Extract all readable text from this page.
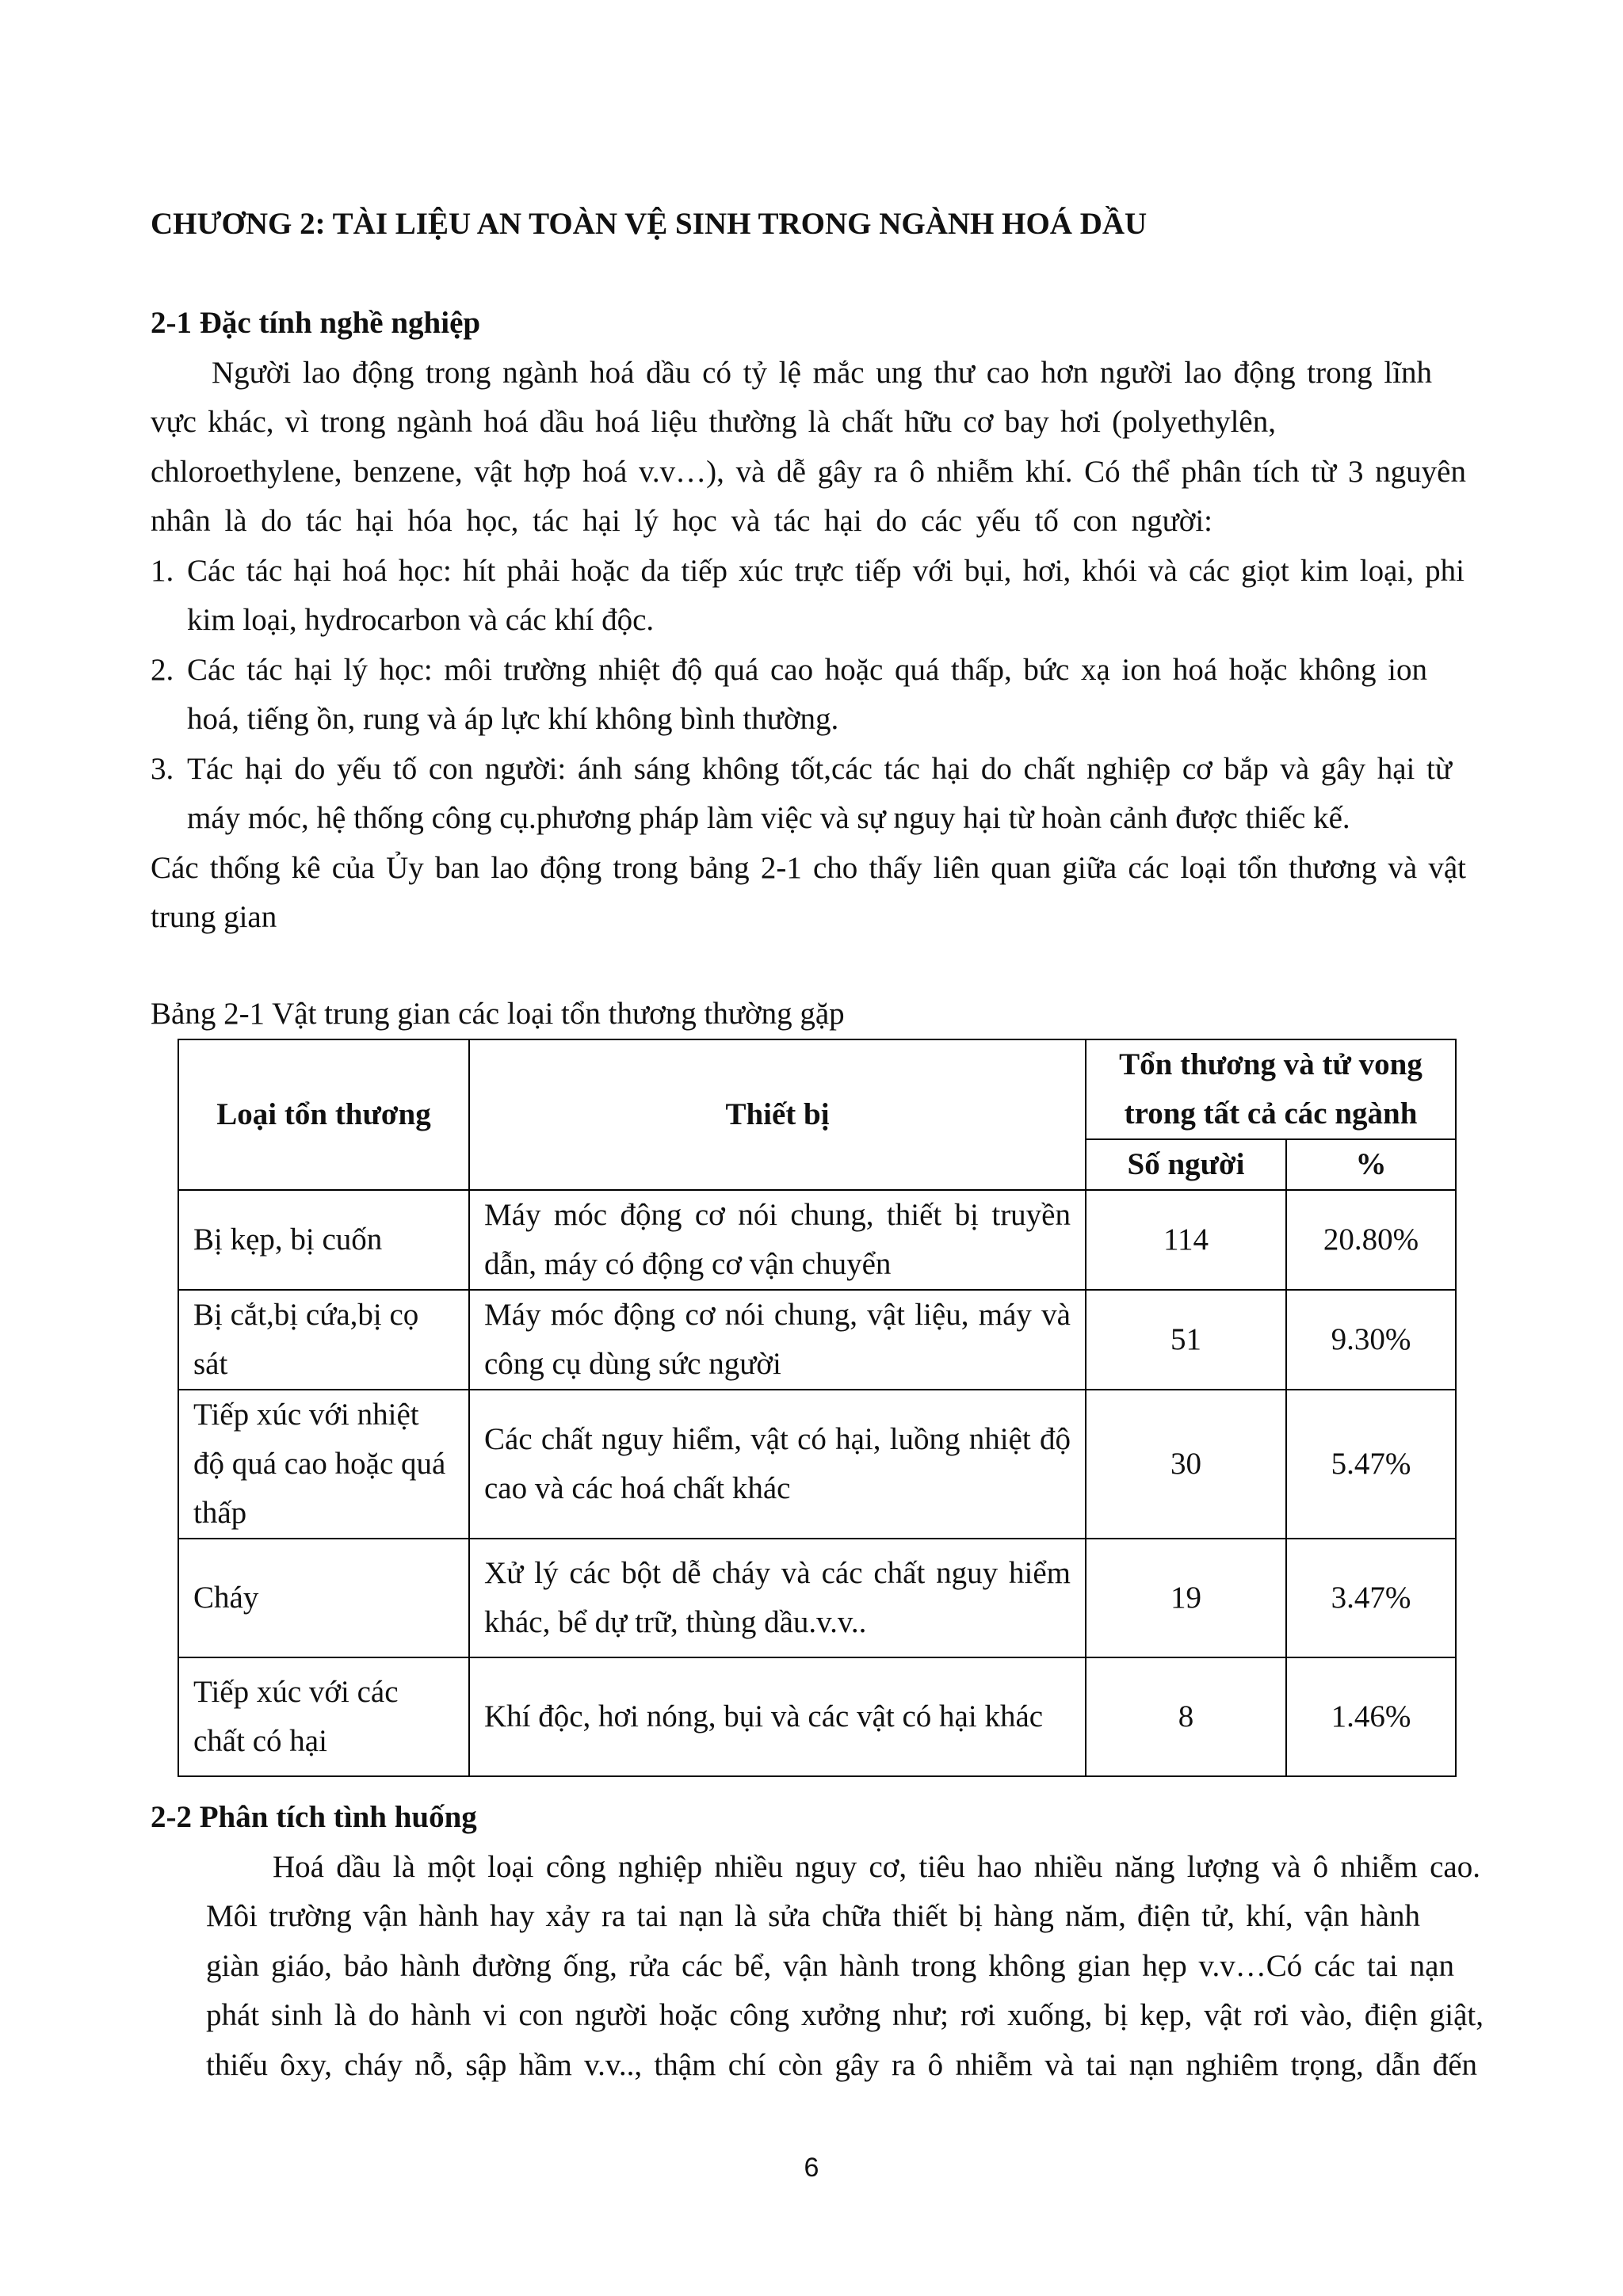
CHƯƠNG 2: TÀI LIỆU AN TOÀN VỆ SINH TRONG NGÀNH HOÁ DẦU
2-1 Đặc tính nghề nghiệp
Người lao động trong ngành hoá dầu có tỷ lệ mắc ung thư cao hơn người lao động trong lĩnh
vực khác, vì trong ngành hoá dầu hoá liệu thường là chất hữu cơ bay hơi (polyethylên,
chloroethylene, benzene, vật hợp hoá v.v…), và dễ gây ra ô nhiễm khí. Có thể phân tích từ 3 nguyên
nhân là do tác hại hóa học, tác hại lý học và tác hại do các yếu tố con người:
1. Các tác hại hoá học: hít phải hoặc da tiếp xúc trực tiếp với bụi, hơi, khói và các giọt kim loại, phi
kim loại, hydrocarbon và các khí độc.
2. Các tác hại lý học: môi trường nhiệt độ quá cao hoặc quá thấp, bức xạ ion hoá hoặc không ion
hoá, tiếng ồn, rung và áp lực khí không bình thường.
3. Tác hại do yếu tố con người: ánh sáng không tốt,các tác hại do chất nghiệp cơ bắp và gây hại từ
máy móc, hệ thống công cụ.phương pháp làm việc và sự nguy hại từ hoàn cảnh được thiếc kế.
Các thống kê của Ủy ban lao động trong bảng 2-1 cho thấy liên quan giữa các loại tổn thương và vật
trung gian
Bảng 2-1 Vật trung gian các loại tổn thương thường gặp
Loại tổn thương	Thiết bị	Tổn thương và tử vong trong tất cả các ngành	
		Số người	%
Bị kẹp, bị cuốn	Máy móc động cơ nói chung, thiết bị truyền dẫn, máy có động cơ vận chuyển	114	20.80%
Bị cắt,bị cứa,bị cọ sát	Máy móc động cơ nói chung, vật liệu, máy và công cụ dùng sức người	51	9.30%
Tiếp xúc với nhiệt độ quá cao hoặc quá thấp	Các chất nguy hiểm, vật có hại, luồng nhiệt độ cao và các hoá chất khác	30	5.47%
Cháy	Xử lý các bột dễ cháy và các chất nguy hiểm khác, bể dự trữ, thùng dầu.v.v..	19	3.47%
Tiếp xúc với các chất có hại	Khí độc, hơi nóng, bụi và các vật có hại khác	8	1.46%
2-2 Phân tích tình huống
Hoá dầu là một loại công nghiệp nhiều nguy cơ, tiêu hao nhiều năng lượng và ô nhiễm cao.
Môi trường vận hành hay xảy ra tai nạn là sửa chữa thiết bị hàng năm, điện tử, khí, vận hành
giàn giáo, bảo hành đường ống, rửa các bể, vận hành trong không gian hẹp v.v…Có các tai nạn
phát sinh là do hành vi con người hoặc công xưởng như; rơi xuống, bị kẹp, vật rơi vào, điện giật,
6
thiếu ôxy, cháy nỗ, sập hầm v.v.., thậm chí còn gây ra ô nhiễm và tai nạn nghiêm trọng, dẫn đến
